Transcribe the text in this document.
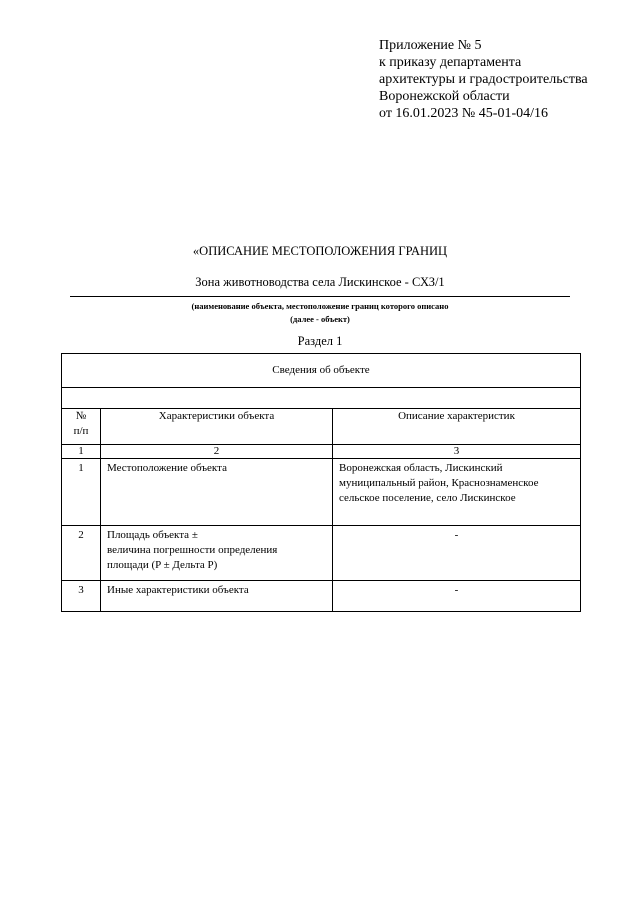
Приложение № 5
к приказу департамента
архитектуры и градостроительства
Воронежской области
от 16.01.2023 № 45-01-04/16
«ОПИСАНИЕ МЕСТОПОЛОЖЕНИЯ ГРАНИЦ
Зона животноводства села Лискинское - СХЗ/1
(наименование объекта, местоположение границ которого описано
(далее - объект)
Раздел 1
Сведения об объекте		

№
п/п	Характеристики объекта	Описание характеристик
1	2	3
1	Местоположение объекта	Воронежская область, Лискинский муниципальный район, Краснознаменское сельское поселение, село Лискинское
2	Площадь объекта ±
величина погрешности определения
площади (P ± Дельта P)	-
3	Иные характеристики объекта	-
